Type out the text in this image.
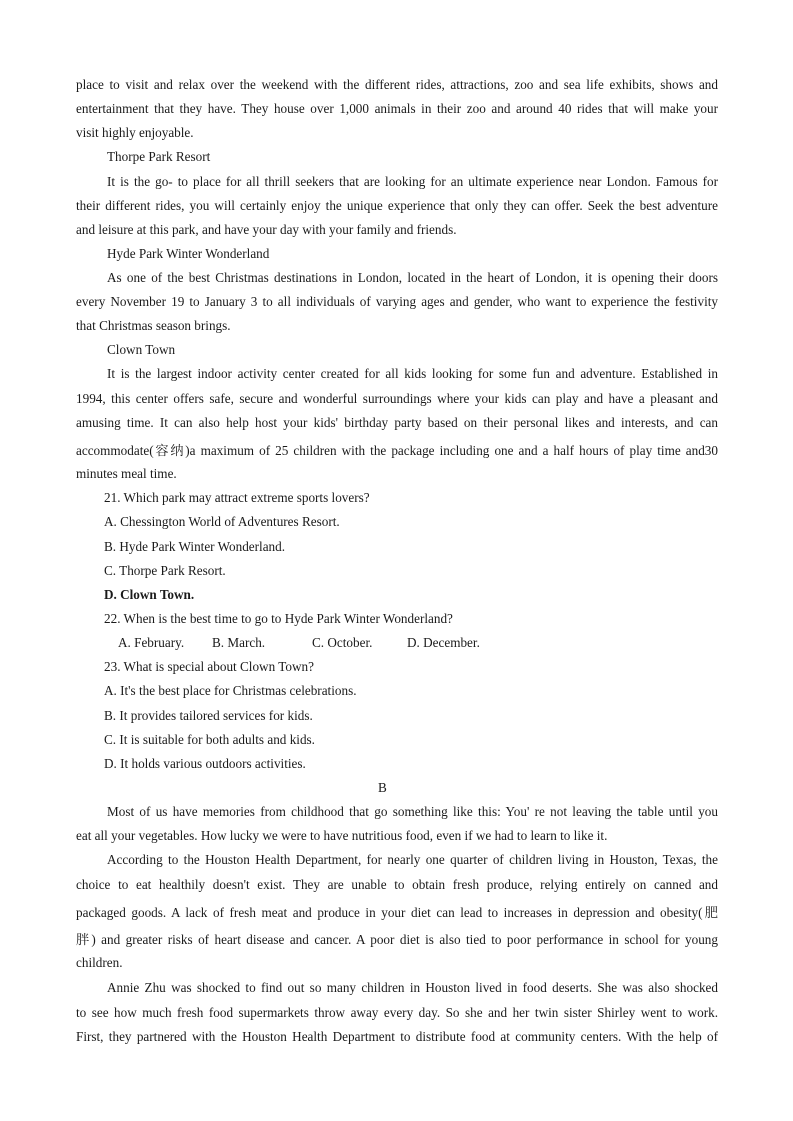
place to visit and relax over the weekend with the different rides, attractions, zoo and sea life exhibits, shows and
entertainment that they have. They house over 1,000 animals in their zoo and around 40 rides that will make your
visit highly enjoyable.
Thorpe Park Resort
It is the go- to place for all thrill seekers that are looking for an ultimate experience near London. Famous for
their different rides, you will certainly enjoy the unique experience that only they can offer. Seek the best adventure
and leisure at this park, and have your day with your family and friends.
Hyde Park Winter Wonderland
As one of the best Christmas destinations in London, located in the heart of London, it is opening their doors
every November 19 to January 3 to all individuals of varying ages and gender, who want to experience the festivity
that Christmas season brings.
Clown Town
It is the largest indoor activity center created for all kids looking for some fun and adventure. Established in
1994, this center offers safe, secure and wonderful surroundings where your kids can play and have a pleasant and
amusing time. It can also help host your kids' birthday party based on their personal likes and interests, and can
accommodate(容纳)a maximum of 25 children with the package including one and a half hours of play time and30
minutes meal time.
21. Which park may attract extreme sports lovers?
A. Chessington World of Adventures Resort.
B. Hyde Park Winter Wonderland.
C. Thorpe Park Resort.
D. Clown Town.
22. When is the best time to go to Hyde Park Winter Wonderland?
A. February. B. March.	C. October.	D. December.
23. What is special about Clown Town?
A. It's the best place for Christmas celebrations.
B. It provides tailored services for kids.
C. It is suitable for both adults and kids.
D. It holds various outdoors activities.
B
Most of us have memories from childhood that go something like this: You' re not leaving the table until you
eat all your vegetables. How lucky we were to have nutritious food, even if we had to learn to like it.
According to the Houston Health Department, for nearly one quarter of children living in Houston, Texas, the
choice to eat healthily doesn't exist. They are unable to obtain fresh produce, relying entirely on canned and
packaged goods. A lack of fresh meat and produce in your diet can lead to increases in depression and obesity(肥
胖) and greater risks of heart disease and cancer. A poor diet is also tied to poor performance in school for young
children.
Annie Zhu was shocked to find out so many children in Houston lived in food deserts. She was also shocked
to see how much fresh food supermarkets throw away every day. So she and her twin sister Shirley went to work.
First, they partnered with the Houston Health Department to distribute food at community centers. With the help of
